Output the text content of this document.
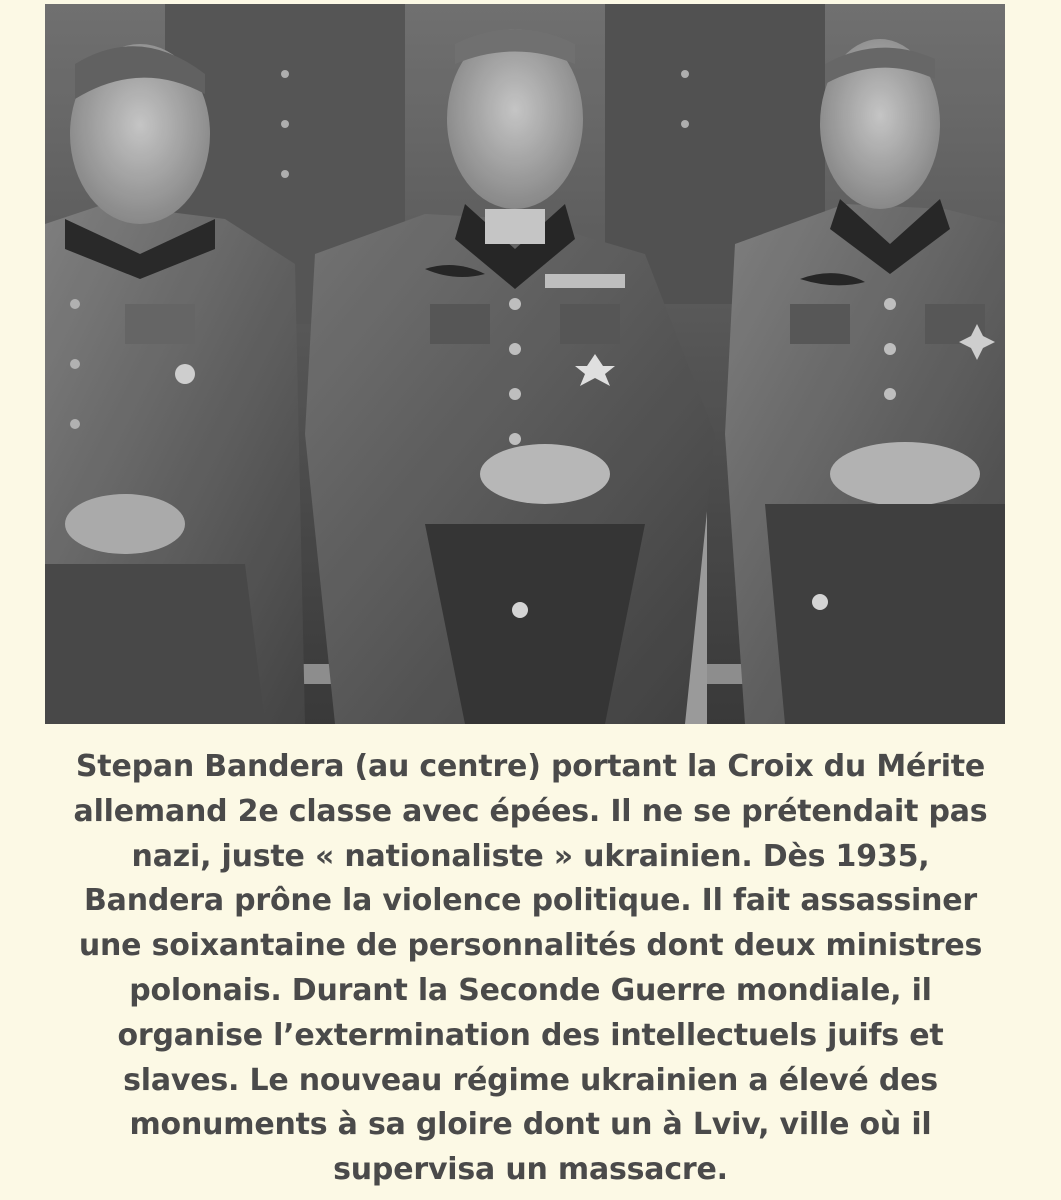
Stepan Bandera (au centre) portant la Croix du Mérite
allemand 2e classe avec épées. Il ne se prétendait pas
nazi, juste « nationaliste » ukrainien. Dès 1935,
Bandera prône la violence politique. Il fait assassiner
une soixantaine de personnalités dont deux ministres
polonais. Durant la Seconde Guerre mondiale, il
organise l’extermination des intellectuels juifs et
slaves. Le nouveau régime ukrainien a élevé des
monuments à sa gloire dont un à Lviv, ville où il
supervisa un massacre.
